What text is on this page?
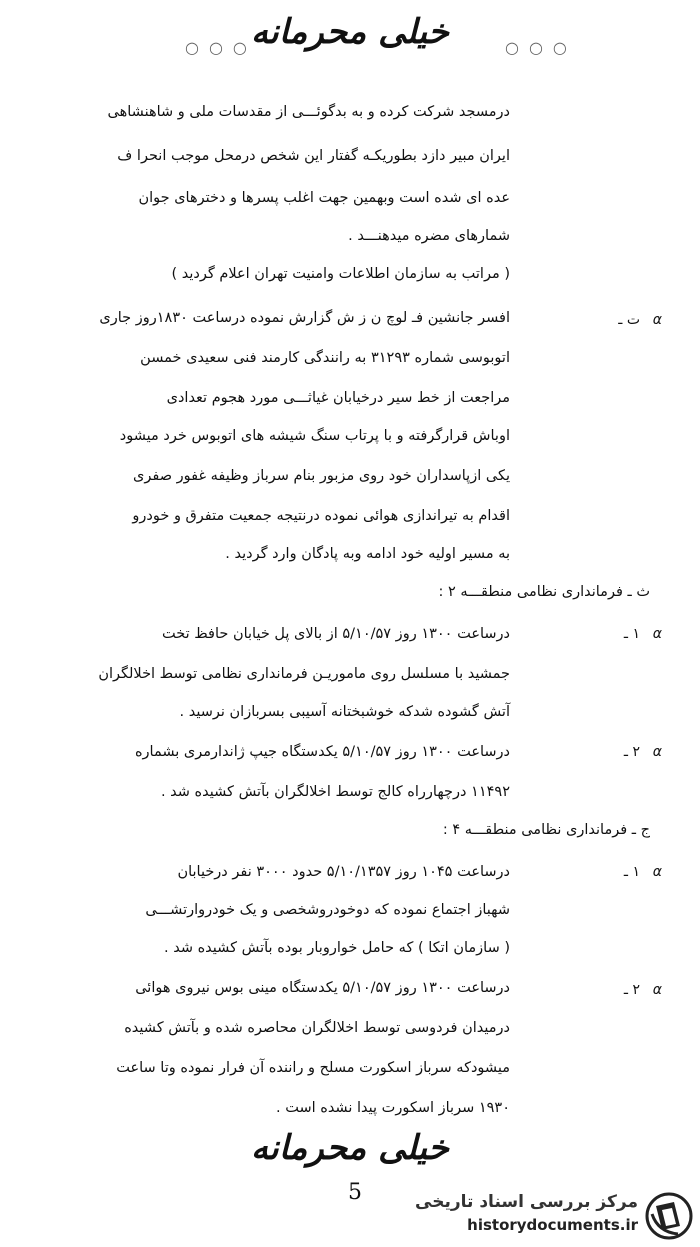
○○○
خیلی محرمانه	○○○
درمسجد شرکت کرده و به بدگوئـــی از مقدسات ملی و شاهنشاهی
ایران مبیر دازد بطوریکـه گفتار این شخص درمحل موجب انحرا ف
عده ای شده است وبهمین جهت اغلب پسرها و دخترهای جوان
شمارهای مضره میدهنـــد .
( مراتب به سازمان اطلاعات وامنیت تهران اعلام گردید )
ت ـ α
افسر جانشین فـ لوچ ن ز ش گزارش نموده درساعت ۱۸۳۰روز جاری
اتوبوسی شماره ۳۱۲۹۳ به رانندگی کارمند فنی سعیدی خمسن
مراجعت از خط سیر درخیابان غیاثـــی مورد هجوم تعدادی
اوباش قرارگرفته و با پرتاب سنگ شیشه های اتوبوس خرد میشود
یکی ازپاسداران خود روی مزبور بنام سرباز وظیفه غفور صفری
اقدام به تیراندازی هوائی نموده درنتیجه جمعیت متفرق و خودرو
به مسیر اولیه خود ادامه وبه پادگان وارد گردید .
ث ـ فرمانداری نظامی منطقـــه ۲ :
۱ ـ α
درساعت ۱۳۰۰ روز ۵/۱۰/۵۷ از بالای پل خیابان حافظ تخت
جمشید با مسلسل روی ماموریـن فرمانداری نظامی توسط اخلالگران
آتش گشوده شدکه خوشبختانه آسیبی بسربازان نرسید .
۲ ـ α
درساعت ۱۳۰۰ روز ۵/۱۰/۵۷ یکدستگاه جیپ ژاندارمری بشماره
۱۱۴۹۲ درچهارراه کالج توسط اخلالگران بآتش کشیده شد .
ج ـ فرمانداری نظامی منطقـــه ۴ :
۱ ـ α
درساعت ۱۰۴۵ روز ۵/۱۰/۱۳۵۷ حدود ۳۰۰۰ نفر درخیابان
شهباز اجتماع نموده که دوخودروشخصی و یک خودروارتشـــی
( سازمان اتکا ) که حامل خواروبار بوده بآتش کشیده شد .
۲ ـ α
درساعت ۱۳۰۰ روز ۵/۱۰/۵۷ یکدستگاه مینی بوس نیروی هوائی
درمیدان فردوسی توسط اخلالگران محاصره شده و بآتش کشیده
میشودکه سرباز اسکورت مسلح و راننده آن فرار نموده وتا ساعت
۱۹۳۰ سرباز اسکورت پیدا نشده است .
خیلی محرمانه
5	مرکز بررسی اسناد تاریخی
historydocuments.ir
